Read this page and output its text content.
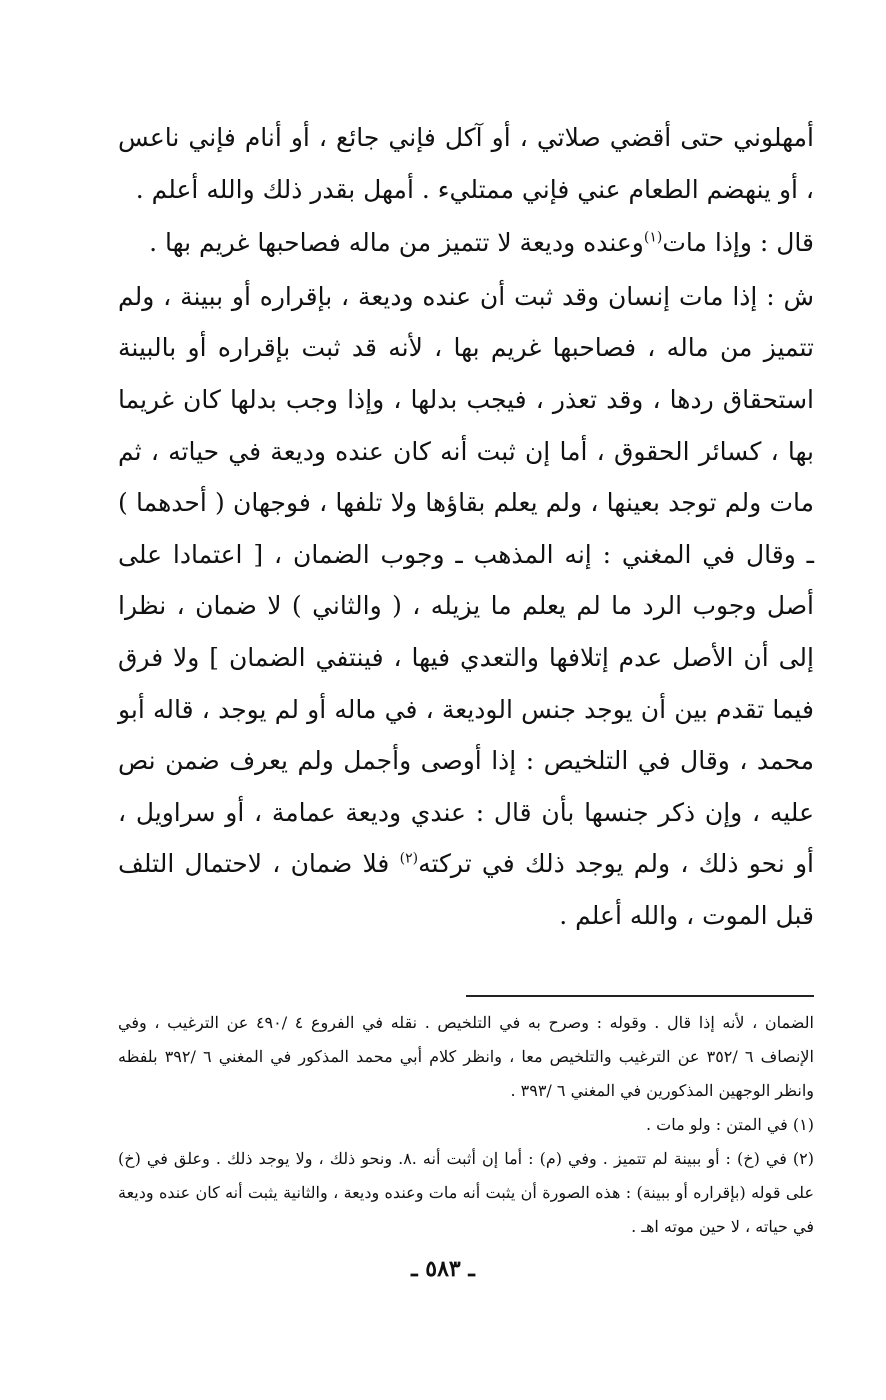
أمهلوني حتى أقضي صلاتي ، أو آكل فإني جائع ، أو أنام فإني ناعس ، أو ينهضم الطعام عني فإني ممتليء . أمهل بقدر ذلك والله أعلم .

قال : وإذا مات$^{(١)}$وعنده وديعة لا تتميز من ماله فصاحبها غريم بها .

ش : إذا مات إنسان وقد ثبت أن عنده وديعة ، بإقراره أو ببينة ، ولم تتميز من ماله ، فصاحبها غريم بها ، لأنه قد ثبت بإقراره أو بالبينة استحقاق ردها ، وقد تعذر ، فيجب بدلها ، وإذا وجب بدلها كان غريما بها ، كسائر الحقوق ، أما إن ثبت أنه كان عنده وديعة في حياته ، ثم مات ولم توجد بعينها ، ولم يعلم بقاؤها ولا تلفها ، فوجهان ( أحدهما ) ـ وقال في المغني : إنه المذهب ـ وجوب الضمان ، [ اعتمادا على أصل وجوب الرد ما لم يعلم ما يزيله ، ( والثاني ) لا ضمان ، نظرا إلى أن الأصل عدم إتلافها والتعدي فيها ، فينتفي الضمان ] ولا فرق فيما تقدم بين أن يوجد جنس الوديعة ، في ماله أو لم يوجد ، قاله أبو محمد ، وقال في التلخيص : إذا أوصى وأجمل ولم يعرف ضمن نص عليه ، وإن ذكر جنسها بأن قال : عندي وديعة عمامة ، أو سراويل ، أو نحو ذلك ، ولم يوجد ذلك في تركته$^{(٢)}$ فلا ضمان ، لاحتمال التلف قبل الموت ، والله أعلم .

الضمان ، لأنه إذا قال . وقوله : وصرح به في التلخيص . نقله في الفروع ٤ /٤٩٠ عن الترغيب ، وفي الإنصاف ٦ /٣٥٢ عن الترغيب والتلخيص معا ، وانظر كلام أبي محمد المذكور في المغني ٦ /٣٩٢ بلفظه وانظر الوجهين المذكورين في المغني ٦ /٣٩٣ .

(١) في المتن : ولو مات .

(٢) في (خ) : أو ببينة لم تتميز . وفي (م) : أما إن أثبت أنه .٨. ونحو ذلك ، ولا يوجد ذلك . وعلق في (خ) على قوله (بإقراره أو ببينة) : هذه الصورة أن يثبت أنه مات وعنده وديعة ، والثانية يثبت أنه كان عنده وديعة في حياته ، لا حين موته اهـ .

ـ ٥٨٣ ـ
